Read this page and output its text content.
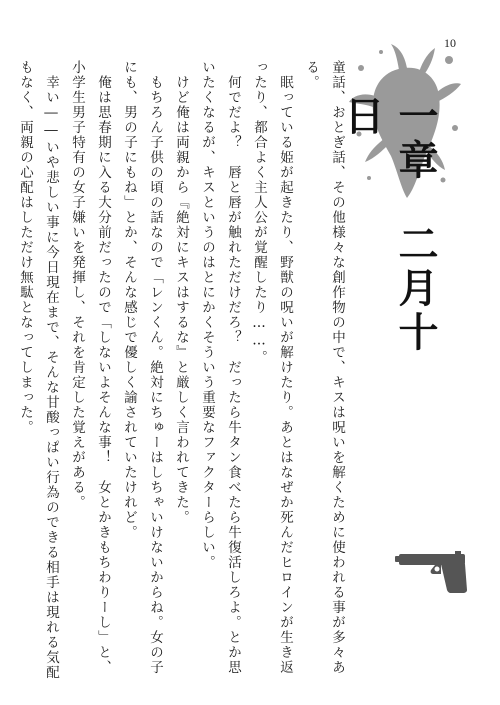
10
一章二月十日

童話、おとぎ話、その他様々な創作物の中で、キスは呪いを解くために使われる事が多々ある。

　眠っている姫が起きたり、野獣の呪いが解けたり。あとはなぜか死んだヒロインが生き返ったり、都合よく主人公が覚醒したり……。

　何でだよ？　唇と唇が触れただけだろ？　だったら牛タン食べたら牛復活しろよ。とか思いたくなるが、キスというのはとにかくそういう重要なファクターらしい。

　けど俺は両親から『絶対にキスはするな』と厳しく言われてきた。

　もちろん子供の頃の話なので「レンくん。絶対にちゅーはしちゃいけないからね。女の子にも、男の子にもね」とか、そんな感じで優しく諭されていたけれど。

　俺は思春期に入る大分前だったので「しないよそんな事！　女とかきもちわりーし」と、小学生男子特有の女子嫌いを発揮し、それを肯定した覚えがある。

　幸い――いや悲しい事に今日現在まで、そんな甘酸っぱい行為のできる相手は現れる気配もなく、両親の心配はしただけ無駄となってしまった。
